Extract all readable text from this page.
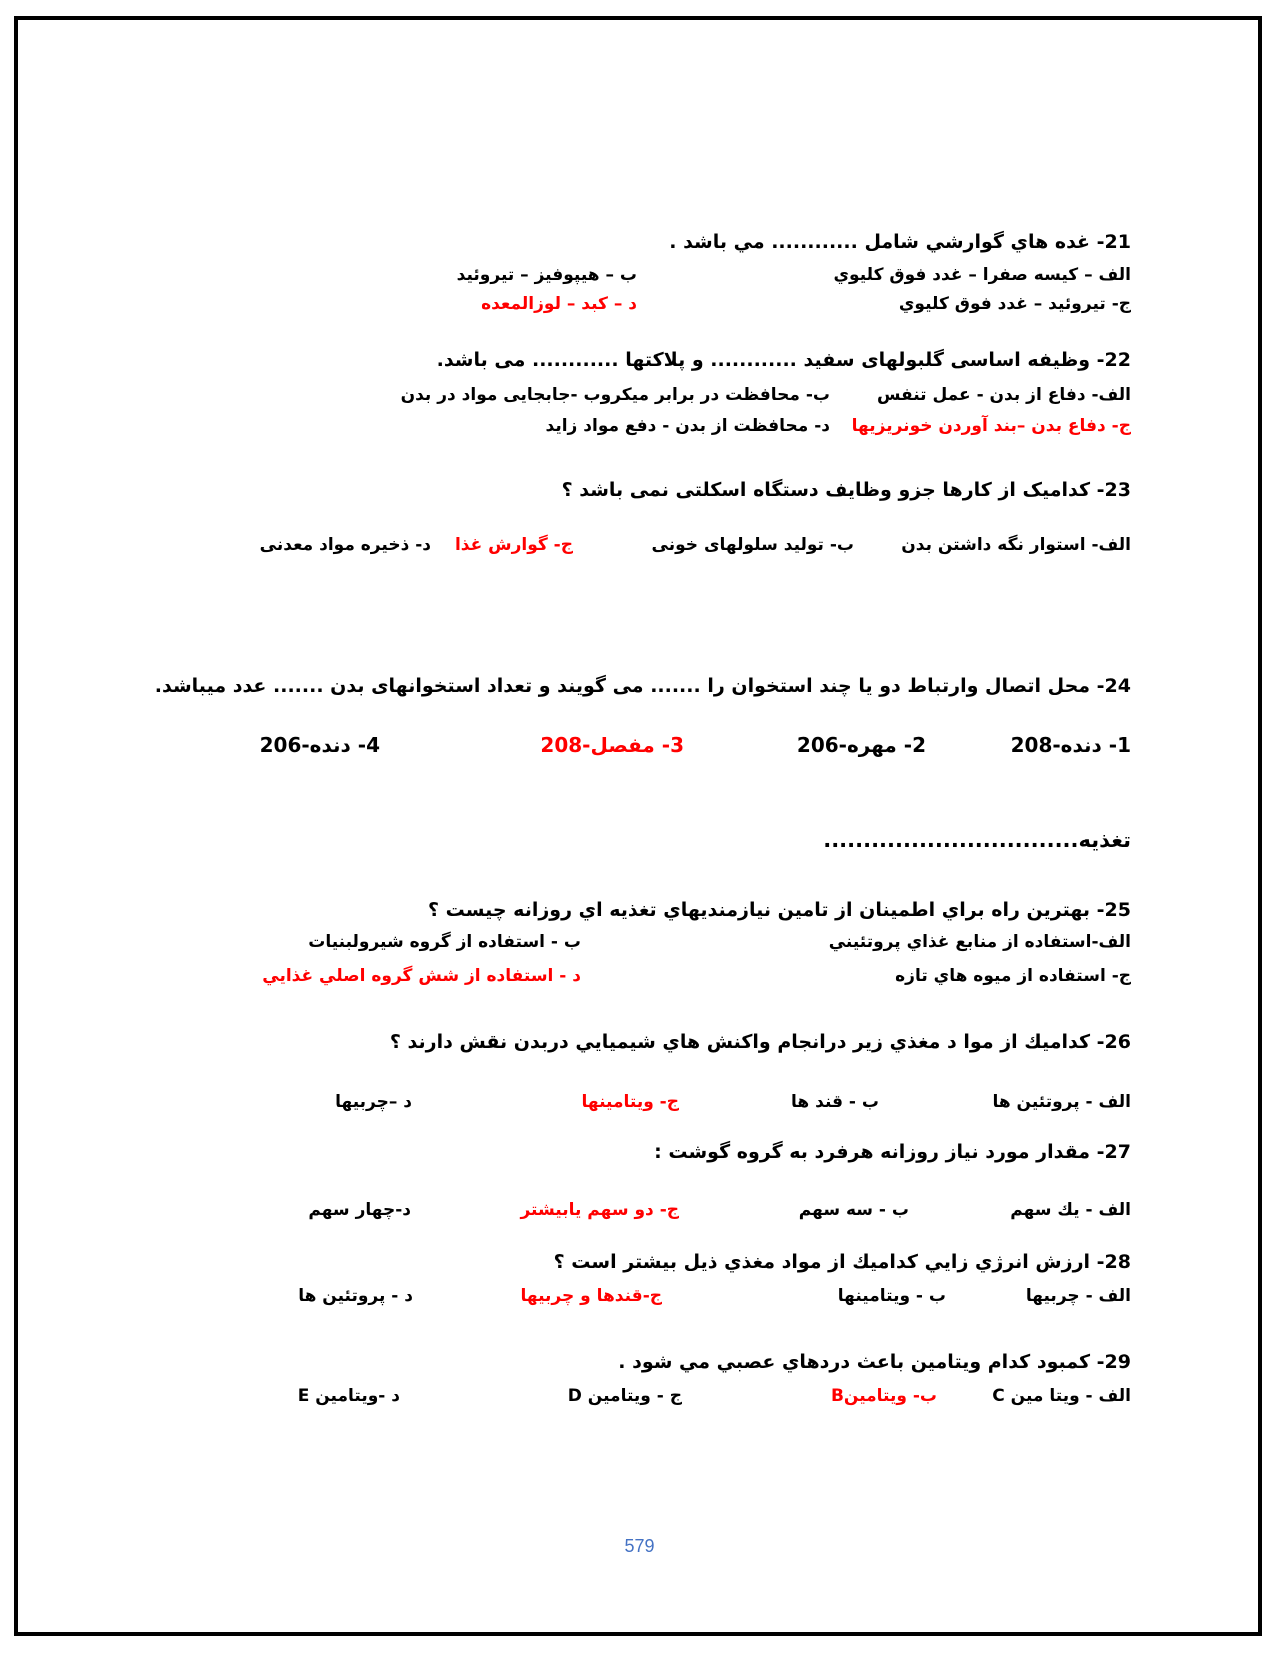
21- غده هاي گوارشي شامل ............ مي باشد .
الف – كيسه صفرا – غدد فوق كليوي
ب – هيپوفيز – تيروئيد
ج- تيروئيد – غدد فوق كليوي
د – كبد – لوزالمعده
22- وظیفه اساسی گلبولهای سفید ............ و پلاکتها ............ می باشد.
الف- دفاع از بدن - عمل تنفس
ب- محافظت در برابر میکروب -جابجایی مواد در بدن
ج- دفاع بدن –بند آوردن خونریزیها
د- محافظت از بدن - دفع مواد زاید
23- کدامیک از کارها جزو وظایف دستگاه اسکلتی نمی باشد ؟
الف- استوار نگه داشتن بدن
ب- تولید سلولهای خونی
ج- گوارش غذا
د- ذخیره مواد معدنی
24- محل اتصال وارتباط دو یا چند استخوان را ....... می گویند و تعداد استخوانهای بدن ....... عدد میباشد.
1- دنده-208
2- مهره-206
3- مفصل-208
4- دنده-206
تغذیه................................
25- بهترين راه براي اطمينان از تامين نيازمنديهاي تغذيه اي روزانه چيست ؟
الف-استفاده از منابع غذاي پروتئيني
ب - استفاده از گروه شيرولبنيات
ج- استفاده از ميوه هاي تازه
د - استفاده از شش گروه اصلي غذايي
26- كداميك از موا د مغذي زير درانجام واكنش هاي شيميايي دربدن نقش دارند ؟
الف - پروتئين ها
ب - قند ها
ج- ويتامينها
د –چربيها
27- مقدار مورد نياز روزانه هرفرد به گروه گوشت :
الف - يك سهم
ب - سه سهم
ج- دو سهم يابيشتر
د-چهار سهم
28- ارزش انرژي زايي كداميك از مواد مغذي ذيل بيشتر است ؟
الف - چربيها
ب - ويتامينها
ج-قندها و چربيها
د - پروتئين ها
29- كمبود كدام ويتامين باعث دردهاي عصبي مي شود .
الف - ويتا مين C
ب- ويتامينB
ج - ويتامين D
د -ويتامين E
579
